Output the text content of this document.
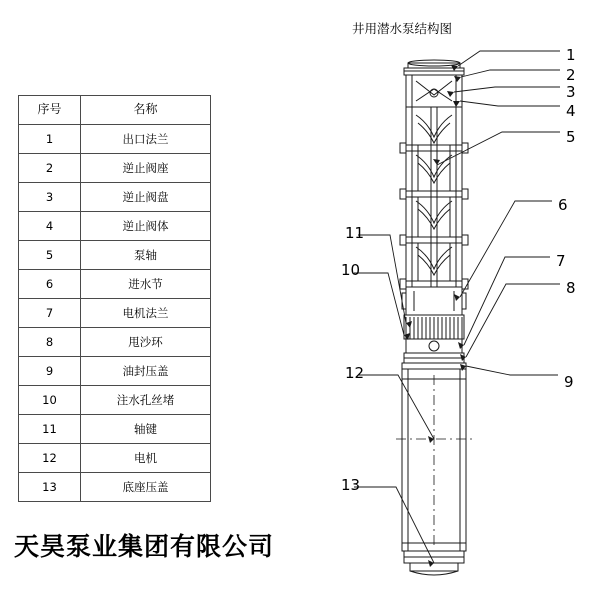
序号	名称
1	出口法兰
2	逆止阀座
3	逆止阀盘
4	逆止阀体
5	泵轴
6	进水节
7	电机法兰
8	甩沙环
9	油封压盖
10	注水孔丝堵
11	轴键
12	电机
13	底座压盖
天昊泵业集团有限公司
井用潜水泵结构图
1
2
3
4
5
6
7
8
9
10
11
12
13
